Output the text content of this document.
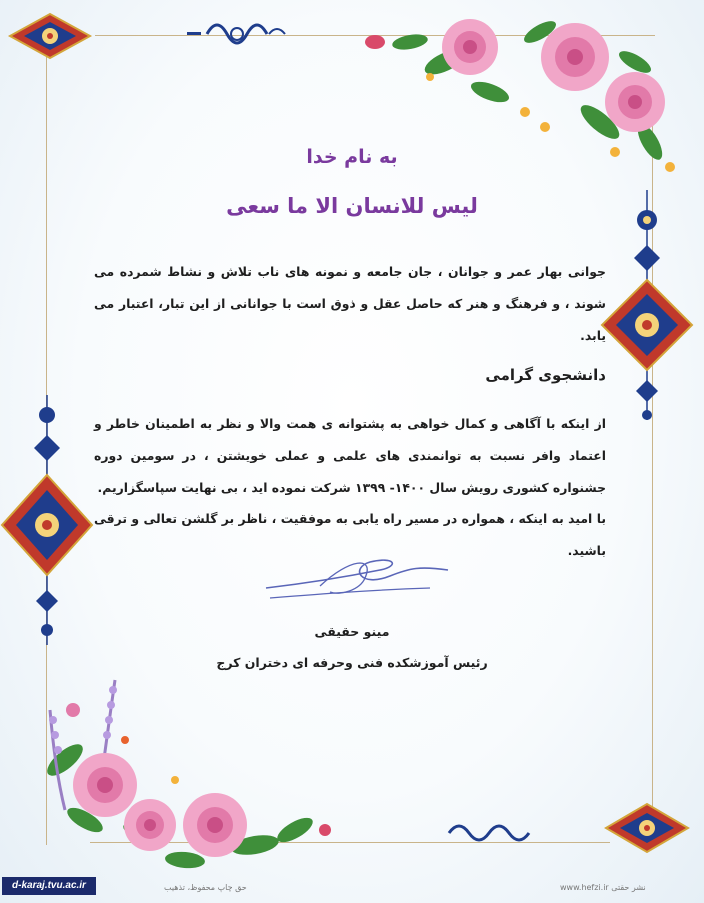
به نام خدا
لیس للانسان الا ما سعی
جوانی بهار عمر و جوانان ، جان جامعه و نمونه های ناب تلاش و نشاط شمرده می شوند ، و فرهنگ و هنر که حاصل عقل و ذوق است با جوانانی از این تبار، اعتبار می یابد.
دانشجوی گرامی
از اینکه با آگاهی و کمال خواهی به پشتوانه ی همت والا و نظر به اطمینان خاطر و اعتماد وافر نسبت به توانمندی های علمی و عملی خویشتن ، در سومین دوره جشنواره کشوری رویش سال ۱۴۰۰- ۱۳۹۹ شرکت نموده اید ، بی نهایت سپاسگزاریم.
با امید به اینکه ، همواره در مسیر راه یابی به موفقیت ، ناظر بر گلشن تعالی و ترقی باشید.
مینو حقیقی
رئیس آموزشکده فنی وحرفه ای دختران کرج
d-karaj.tvu.ac.ir	حق چاپ محفوظ، تذهیب	www.hefzi.ir نشر حقتی
